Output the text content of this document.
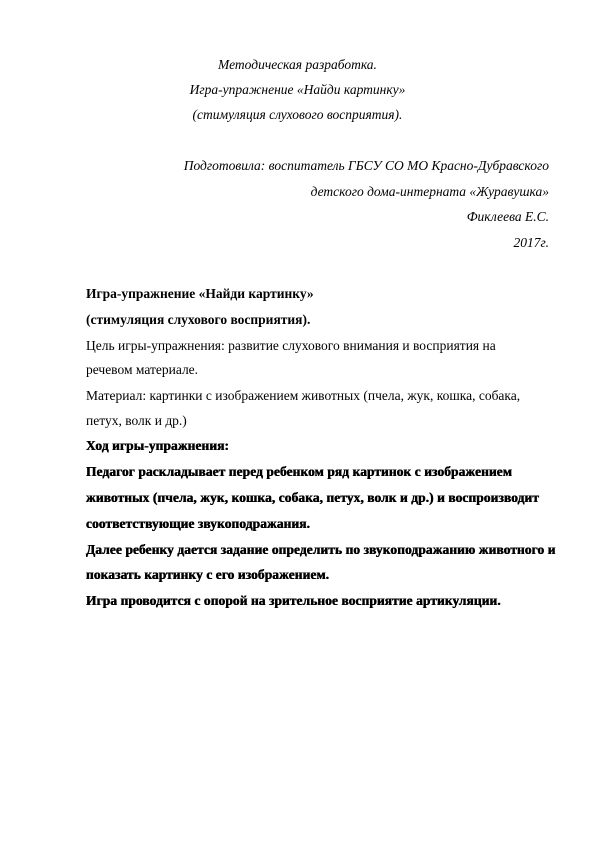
Методическая разработка.
Игра-упражнение «Найди картинку»
(стимуляция слухового восприятия).
Подготовила: воспитатель ГБСУ СО МО Красно-Дубравского
детского дома-интерната «Журавушка»
Фиклеева Е.С.
2017г.
Игра-упражнение «Найди картинку»
(стимуляция слухового восприятия).
Цель игры-упражнения: развитие слухового внимания и восприятия на
речевом материале.
Материал: картинки с изображением животных (пчела, жук, кошка, собака,
петух, волк и др.)
Ход игры-упражнения:
Педагог раскладывает перед ребенком ряд картинок с изображением
животных (пчела, жук, кошка, собака, петух, волк и др.) и воспроизводит
соответствующие звукоподражания.
Далее ребенку дается задание определить по звукоподражанию животного и
показать картинку с его изображением.
Игра проводится с опорой на зрительное восприятие артикуляции.
